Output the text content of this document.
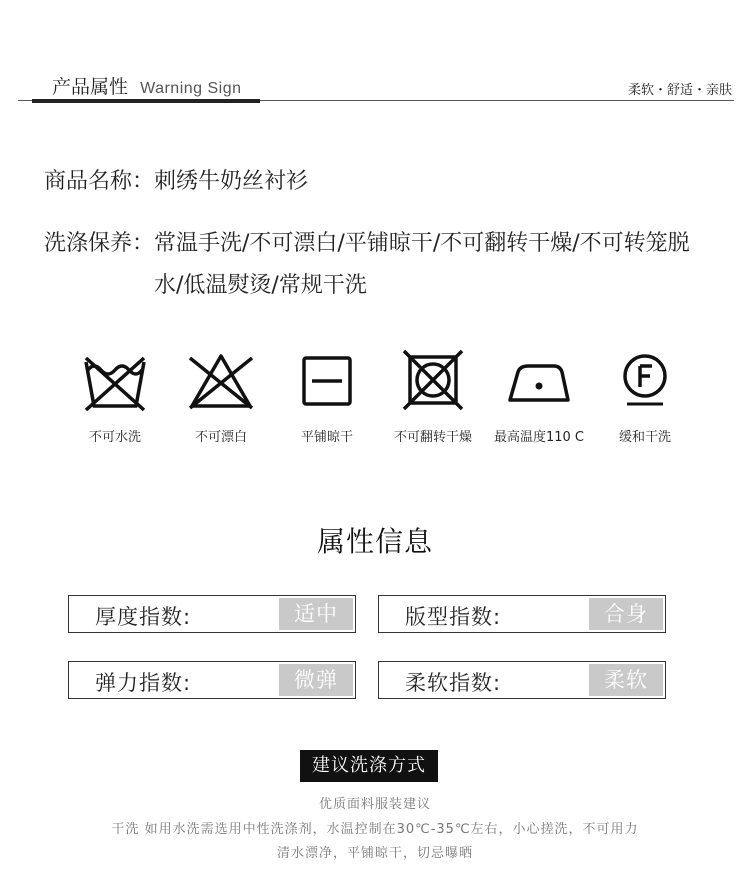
产品属性 Warning Sign	柔软・舒适・亲肤
商品名称：刺绣牛奶丝衬衫
洗涤保养：常温手洗/不可漂白/平铺晾干/不可翻转干燥/不可转笼脱水/低温熨烫/常规干洗
不可水洗	不可漂白	平铺晾干	不可翻转干燥	最高温度110 C	缓和干洗
属性信息
厚度指数:	适中	版型指数:	合身
弹力指数:	微弹	柔软指数:	柔软
建议洗涤方式
优质面料服装建议
干洗 如用水洗需选用中性洗涤剂，水温控制在30℃-35℃左右，小心搓洗，不可用力
清水漂净，平铺晾干，切忌曝晒
